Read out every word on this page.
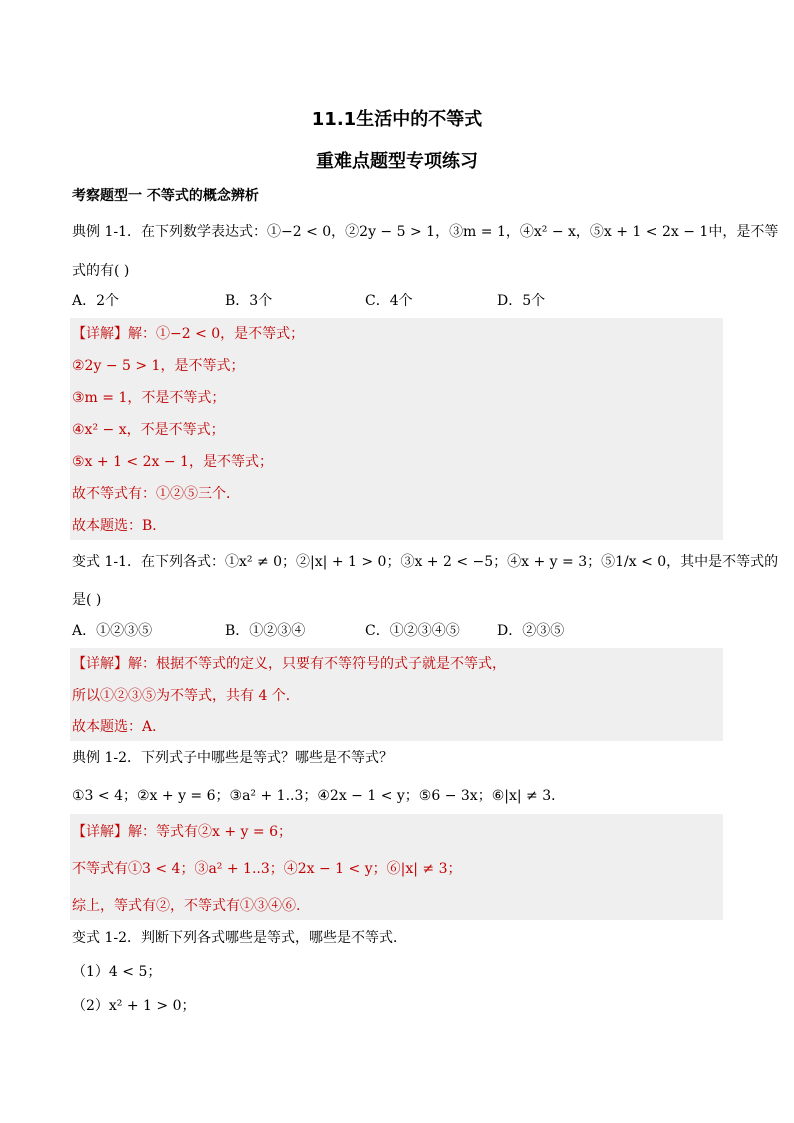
11.1生活中的不等式
重难点题型专项练习
考察题型一 不等式的概念辨析
典例 1-1．在下列数学表达式：①−2 < 0，②2y − 5 > 1，③m = 1，④x² − x，⑤x + 1 < 2x − 1中，是不等
式的有( )
A．2个	B．3个	C．4个	D．5个
【详解】解：①−2 < 0，是不等式；
②2y − 5 > 1，是不等式；
③m = 1，不是不等式；
④x² − x，不是不等式；
⑤x + 1 < 2x − 1，是不等式；
故不等式有：①②⑤三个．
故本题选：B．
变式 1-1．在下列各式：①x² ≠ 0；②|x| + 1 > 0；③x + 2 < −5；④x + y = 3；⑤1/x < 0，其中是不等式的
是( )
A．①②③⑤	B．①②③④	C．①②③④⑤	D．②③⑤
【详解】解：根据不等式的定义，只要有不等符号的式子就是不等式，
所以①②③⑤为不等式，共有 4 个．
故本题选：A．
典例 1-2．下列式子中哪些是等式？哪些是不等式？
①3 < 4；②x + y = 6；③a² + 1..3；④2x − 1 < y；⑤6 − 3x；⑥|x| ≠ 3．
【详解】解：等式有②x + y = 6；
不等式有①3 < 4；③a² + 1..3；④2x − 1 < y；⑥|x| ≠ 3；
综上，等式有②，不等式有①③④⑥.
变式 1-2．判断下列各式哪些是等式，哪些是不等式．
（1）4 < 5；
（2）x² + 1 > 0；
